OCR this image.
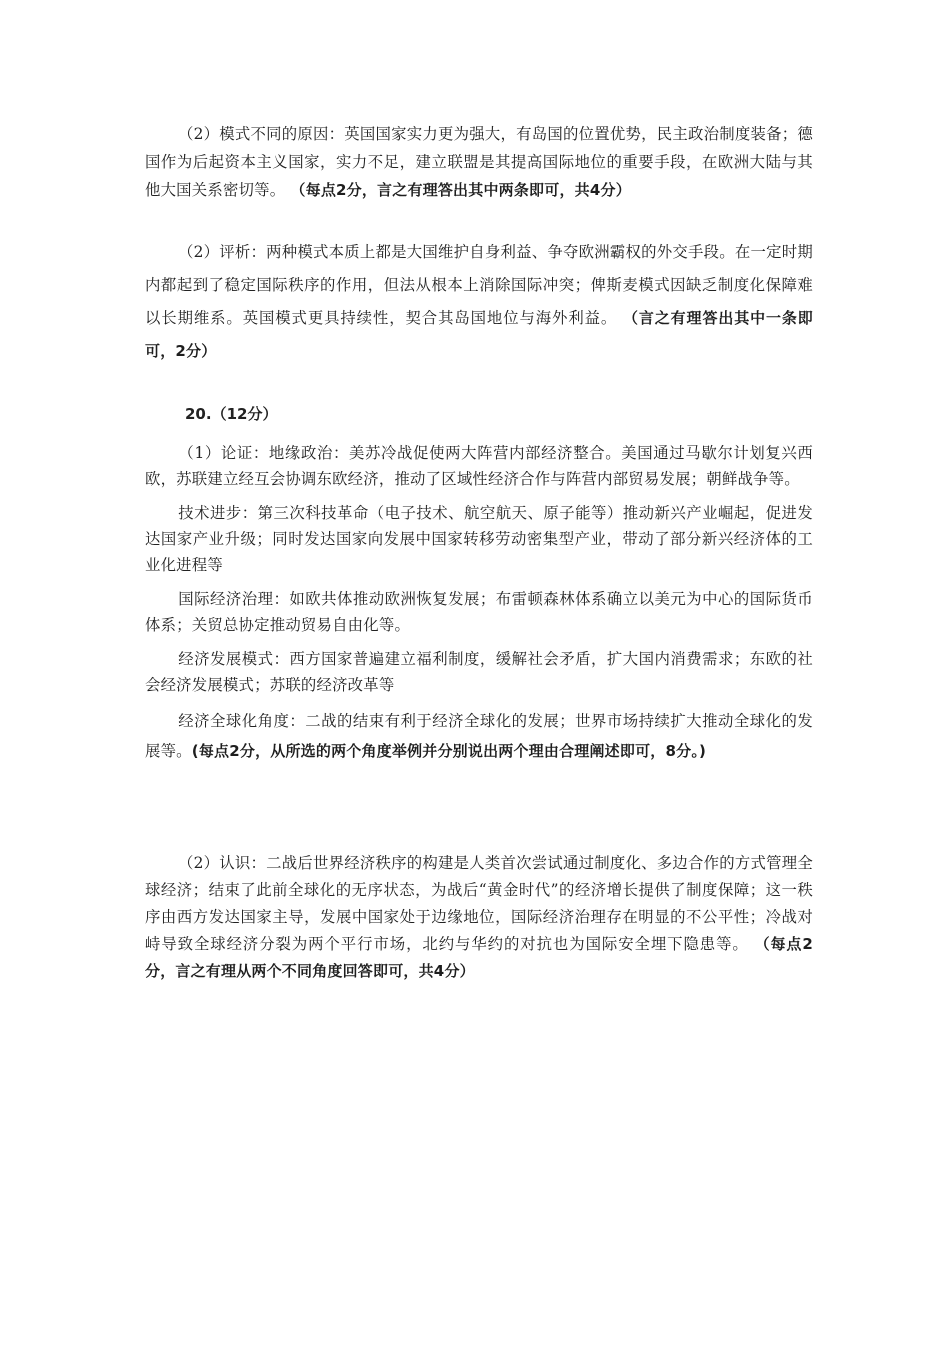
（2）模式不同的原因：英国国家实力更为强大，有岛国的位置优势，民主政治制度装备；德国作为后起资本主义国家，实力不足，建立联盟是其提高国际地位的重要手段，在欧洲大陆与其他大国关系密切等。 （每点2分，言之有理答出其中两条即可，共4分）

（2）评析：两种模式本质上都是大国维护自身利益、争夺欧洲霸权的外交手段。在一定时期内都起到了稳定国际秩序的作用，但法从根本上消除国际冲突；俾斯麦模式因缺乏制度化保障难以长期维系。英国模式更具持续性，契合其岛国地位与海外利益。 （言之有理答出其中一条即可，2分）

20.（12分）

（1）论证：地缘政治：美苏冷战促使两大阵营内部经济整合。美国通过马歇尔计划复兴西欧，苏联建立经互会协调东欧经济，推动了区域性经济合作与阵营内部贸易发展；朝鲜战争等。

技术进步：第三次科技革命（电子技术、航空航天、原子能等）推动新兴产业崛起，促进发达国家产业升级；同时发达国家向发展中国家转移劳动密集型产业，带动了部分新兴经济体的工业化进程等

国际经济治理：如欧共体推动欧洲恢复发展；布雷顿森林体系确立以美元为中心的国际货币体系；关贸总协定推动贸易自由化等。

经济发展模式：西方国家普遍建立福利制度，缓解社会矛盾，扩大国内消费需求；东欧的社会经济发展模式；苏联的经济改革等

经济全球化角度：二战的结束有利于经济全球化的发展；世界市场持续扩大推动全球化的发展等。(每点2分，从所选的两个角度举例并分别说出两个理由合理阐述即可，8分。)

（2）认识：二战后世界经济秩序的构建是人类首次尝试通过制度化、多边合作的方式管理全球经济；结束了此前全球化的无序状态，为战后“黄金时代”的经济增长提供了制度保障；这一秩序由西方发达国家主导，发展中国家处于边缘地位，国际经济治理存在明显的不公平性；冷战对峙导致全球经济分裂为两个平行市场，北约与华约的对抗也为国际安全埋下隐患等。 （每点2分，言之有理从两个不同角度回答即可，共4分）
